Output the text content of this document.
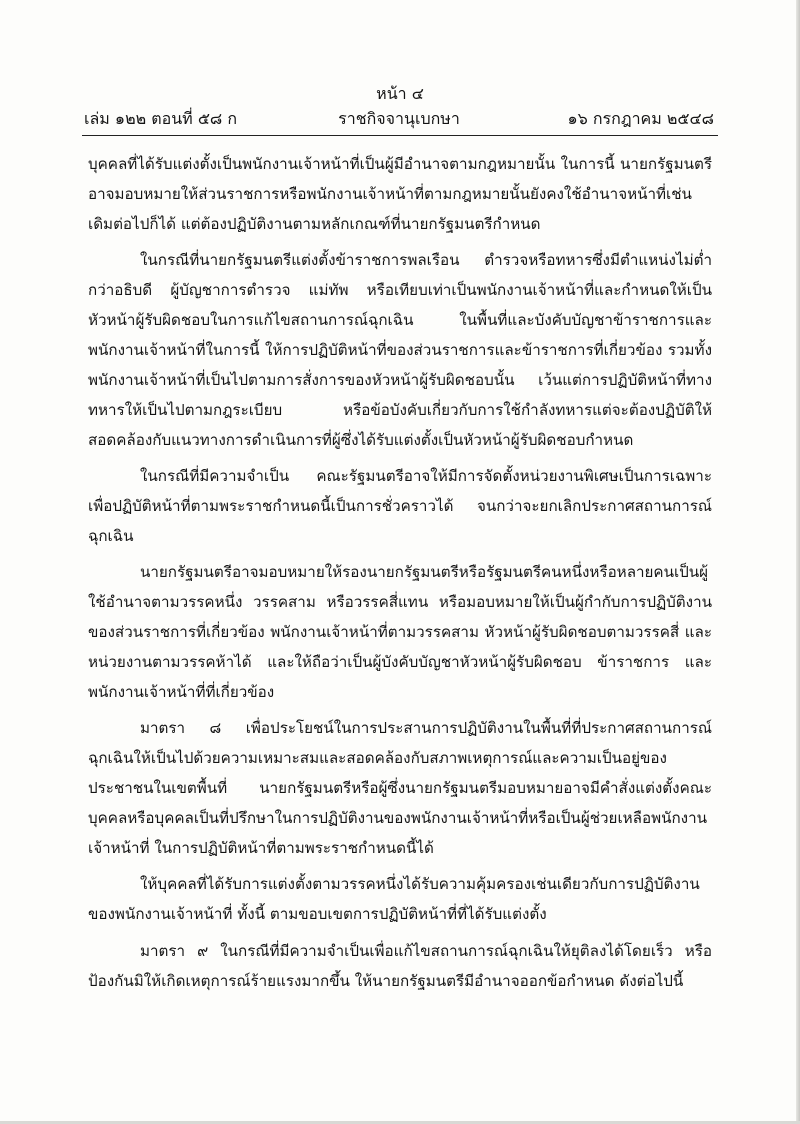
หน้า ๔
เล่ม ๑๒๒ ตอนที่ ๕๘ ก	ราชกิจจานุเบกษา	๑๖ กรกฎาคม ๒๕๔๘

บุคคลที่ได้รับแต่งตั้งเป็นพนักงานเจ้าหน้าที่เป็นผู้มีอำนาจตามกฎหมายนั้น ในการนี้ นายกรัฐมนตรีอาจมอบหมายให้ส่วนราชการหรือพนักงานเจ้าหน้าที่ตามกฎหมายนั้นยังคงใช้อำนาจหน้าที่เช่นเดิมต่อไปก็ได้ แต่ต้องปฏิบัติงานตามหลักเกณฑ์ที่นายกรัฐมนตรีกำหนด

ในกรณีที่นายกรัฐมนตรีแต่งตั้งข้าราชการพลเรือน ตำรวจหรือทหารซึ่งมีตำแหน่งไม่ต่ำกว่าอธิบดี ผู้บัญชาการตำรวจ แม่ทัพ หรือเทียบเท่าเป็นพนักงานเจ้าหน้าที่และกำหนดให้เป็นหัวหน้าผู้รับผิดชอบในการแก้ไขสถานการณ์ฉุกเฉิน ในพื้นที่และบังคับบัญชาข้าราชการและพนักงานเจ้าหน้าที่ในการนี้ ให้การปฏิบัติหน้าที่ของส่วนราชการและข้าราชการที่เกี่ยวข้อง รวมทั้งพนักงานเจ้าหน้าที่เป็นไปตามการสั่งการของหัวหน้าผู้รับผิดชอบนั้น เว้นแต่การปฏิบัติหน้าที่ทางทหารให้เป็นไปตามกฎระเบียบ หรือข้อบังคับเกี่ยวกับการใช้กำลังทหารแต่จะต้องปฏิบัติให้สอดคล้องกับแนวทางการดำเนินการที่ผู้ซึ่งได้รับแต่งตั้งเป็นหัวหน้าผู้รับผิดชอบกำหนด

ในกรณีที่มีความจำเป็น คณะรัฐมนตรีอาจให้มีการจัดตั้งหน่วยงานพิเศษเป็นการเฉพาะเพื่อปฏิบัติหน้าที่ตามพระราชกำหนดนี้เป็นการชั่วคราวได้ จนกว่าจะยกเลิกประกาศสถานการณ์ฉุกเฉิน

นายกรัฐมนตรีอาจมอบหมายให้รองนายกรัฐมนตรีหรือรัฐมนตรีคนหนึ่งหรือหลายคนเป็นผู้ใช้อำนาจตามวรรคหนึ่ง วรรคสาม หรือวรรคสี่แทน หรือมอบหมายให้เป็นผู้กำกับการปฏิบัติงานของส่วนราชการที่เกี่ยวข้อง พนักงานเจ้าหน้าที่ตามวรรคสาม หัวหน้าผู้รับผิดชอบตามวรรคสี่ และหน่วยงานตามวรรคห้าได้ และให้ถือว่าเป็นผู้บังคับบัญชาหัวหน้าผู้รับผิดชอบ ข้าราชการ และพนักงานเจ้าหน้าที่ที่เกี่ยวข้อง

มาตรา ๘ เพื่อประโยชน์ในการประสานการปฏิบัติงานในพื้นที่ที่ประกาศสถานการณ์ฉุกเฉินให้เป็นไปด้วยความเหมาะสมและสอดคล้องกับสภาพเหตุการณ์และความเป็นอยู่ของประชาชนในเขตพื้นที่ นายกรัฐมนตรีหรือผู้ซึ่งนายกรัฐมนตรีมอบหมายอาจมีคำสั่งแต่งตั้งคณะบุคคลหรือบุคคลเป็นที่ปรึกษาในการปฏิบัติงานของพนักงานเจ้าหน้าที่หรือเป็นผู้ช่วยเหลือพนักงานเจ้าหน้าที่ ในการปฏิบัติหน้าที่ตามพระราชกำหนดนี้ได้

ให้บุคคลที่ได้รับการแต่งตั้งตามวรรคหนึ่งได้รับความคุ้มครองเช่นเดียวกับการปฏิบัติงานของพนักงานเจ้าหน้าที่ ทั้งนี้ ตามขอบเขตการปฏิบัติหน้าที่ที่ได้รับแต่งตั้ง

มาตรา ๙ ในกรณีที่มีความจำเป็นเพื่อแก้ไขสถานการณ์ฉุกเฉินให้ยุติลงได้โดยเร็ว หรือป้องกันมิให้เกิดเหตุการณ์ร้ายแรงมากขึ้น ให้นายกรัฐมนตรีมีอำนาจออกข้อกำหนด ดังต่อไปนี้
